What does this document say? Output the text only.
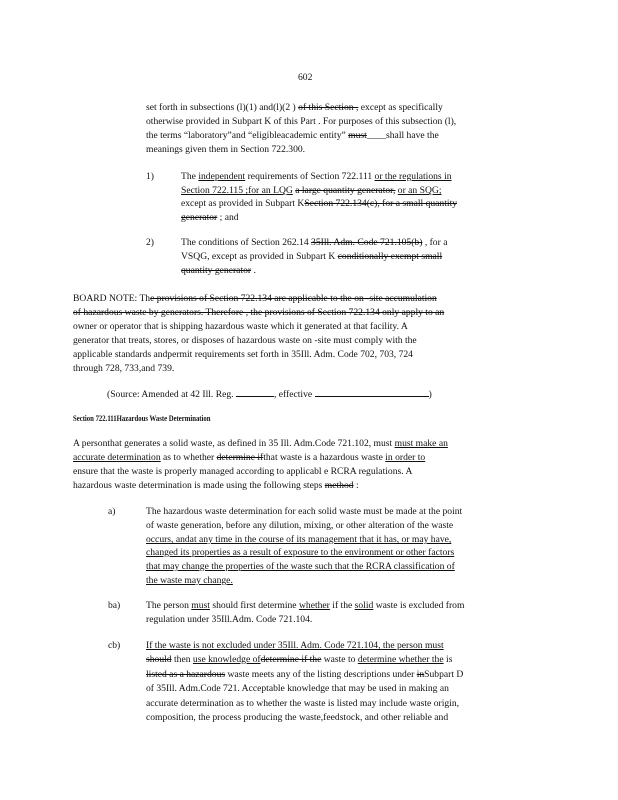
602
set forth in subsections (l)(1) and(l)(2 ) of this Section , except as specifically
otherwise provided in Subpart K of this Part . For purposes of this subsection (l),
the terms “laboratory”and “eligibleacademic entity” must____shall have the
meanings given them in Section 722.300.
1)	The independent requirements of Section 722.111 or the regulations in
Section 722.115 ;for an LQG a large quantity generator, or an SQG;
except as provided in Subpart KSection 722.134(c), for a small quantity
generator ; and
2)	The conditions of Section 262.14 35Ill. Adm. Code 721.105(b) , for a
VSQG, except as provided in Subpart K conditionally exempt small
quantity generator .
BOARD NOTE: The provisions of Section 722.134 are applicable to the on -site accumulation
of hazardous waste by generators. Therefore , the provisions of Section 722.134 only apply to an
owner or operator that is shipping hazardous waste which it generated at that facility. A
generator that treats, stores, or disposes of hazardous waste on -site must comply with the
applicable standards andpermit requirements set forth in 35Ill. Adm. Code 702, 703, 724
through 728, 733,and 739.
(Source: Amended at 42 Ill. Reg.	, effective	)
Section 722.111Hazardous Waste Determination
A personthat generates a solid waste, as defined in 35 Ill. Adm.Code 721.102, must must make an
accurate determination as to whether determine ifthat waste is a hazardous waste in order to
ensure that the waste is properly managed according to applicabl e RCRA regulations. A
hazardous waste determination is made using the following steps method :
a)	The hazardous waste determination for each solid waste must be made at the point
of waste generation, before any dilution, mixing, or other alteration of the waste
occurs, andat any time in the course of its management that it has, or may have,
changed its properties as a result of exposure to the environment or other factors
that may change the properties of the waste such that the RCRA classification of
the waste may change.
ba)	The person must should first determine whether if the solid waste is excluded from
regulation under 35Ill.Adm. Code 721.104.
cb)	If the waste is not excluded under 35Ill. Adm. Code 721.104, the person must
should then use knowledge ofdetermine if the waste to determine whether the is
listed as a hazardous waste meets any of the listing descriptions under inSubpart D
of 35Ill. Adm.Code 721. Acceptable knowledge that may be used in making an
accurate determination as to whether the waste is listed may include waste origin,
composition, the process producing the waste,feedstock, and other reliable and
